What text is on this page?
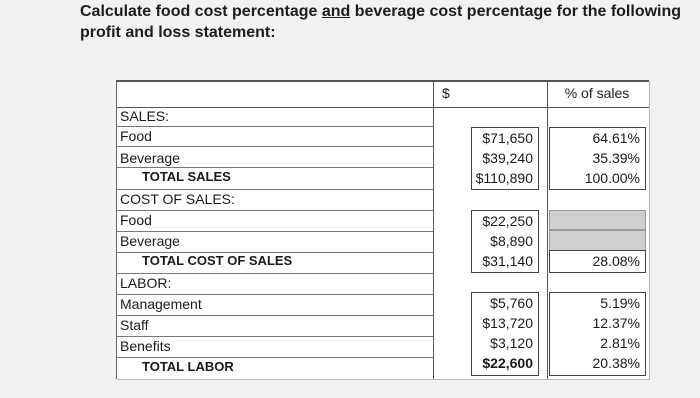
Calculate food cost percentage and beverage cost percentage for the following profit and loss statement:
$	% of sales
$71,650
$39,240
$110,890
64.61%
35.39%
100.00%
$22,250
$8,890
$31,140	28.08%
$5,760
$13,720
$3,120
$22,600
5.19%
12.37%
2.81%
20.38%
SALES:
Food
Beverage
TOTAL SALES
COST OF SALES:
Food
Beverage
TOTAL COST OF SALES
LABOR:
Management
Staff
Benefits
TOTAL LABOR
